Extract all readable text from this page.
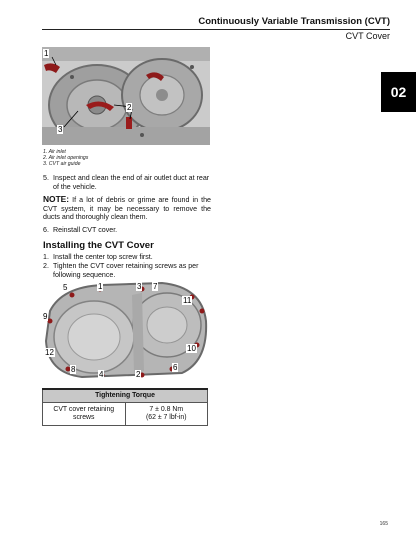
Continuously Variable Transmission (CVT)
CVT Cover
02
1
2
3
1. Air inlet
2. Air inlet openings
3. CVT air guide
5. Inspect and clean the end of air outlet duct at rear of the vehicle.
NOTE: If a lot of debris or grime are found in the CVT system, it may be necessary to remove the ducts and thoroughly clean them.
6. Reinstall CVT cover.
Installing the CVT Cover
1. Install the center top screw first.
2. Tighten the CVT cover retaining screws as per following sequence.
5	1	3 7
11
9
10
12
6
8
4	2
Tightening Torque
CVT cover retaining screws	
7 ± 0.8 Nm
(62 ± 7 lbf-in)
165
